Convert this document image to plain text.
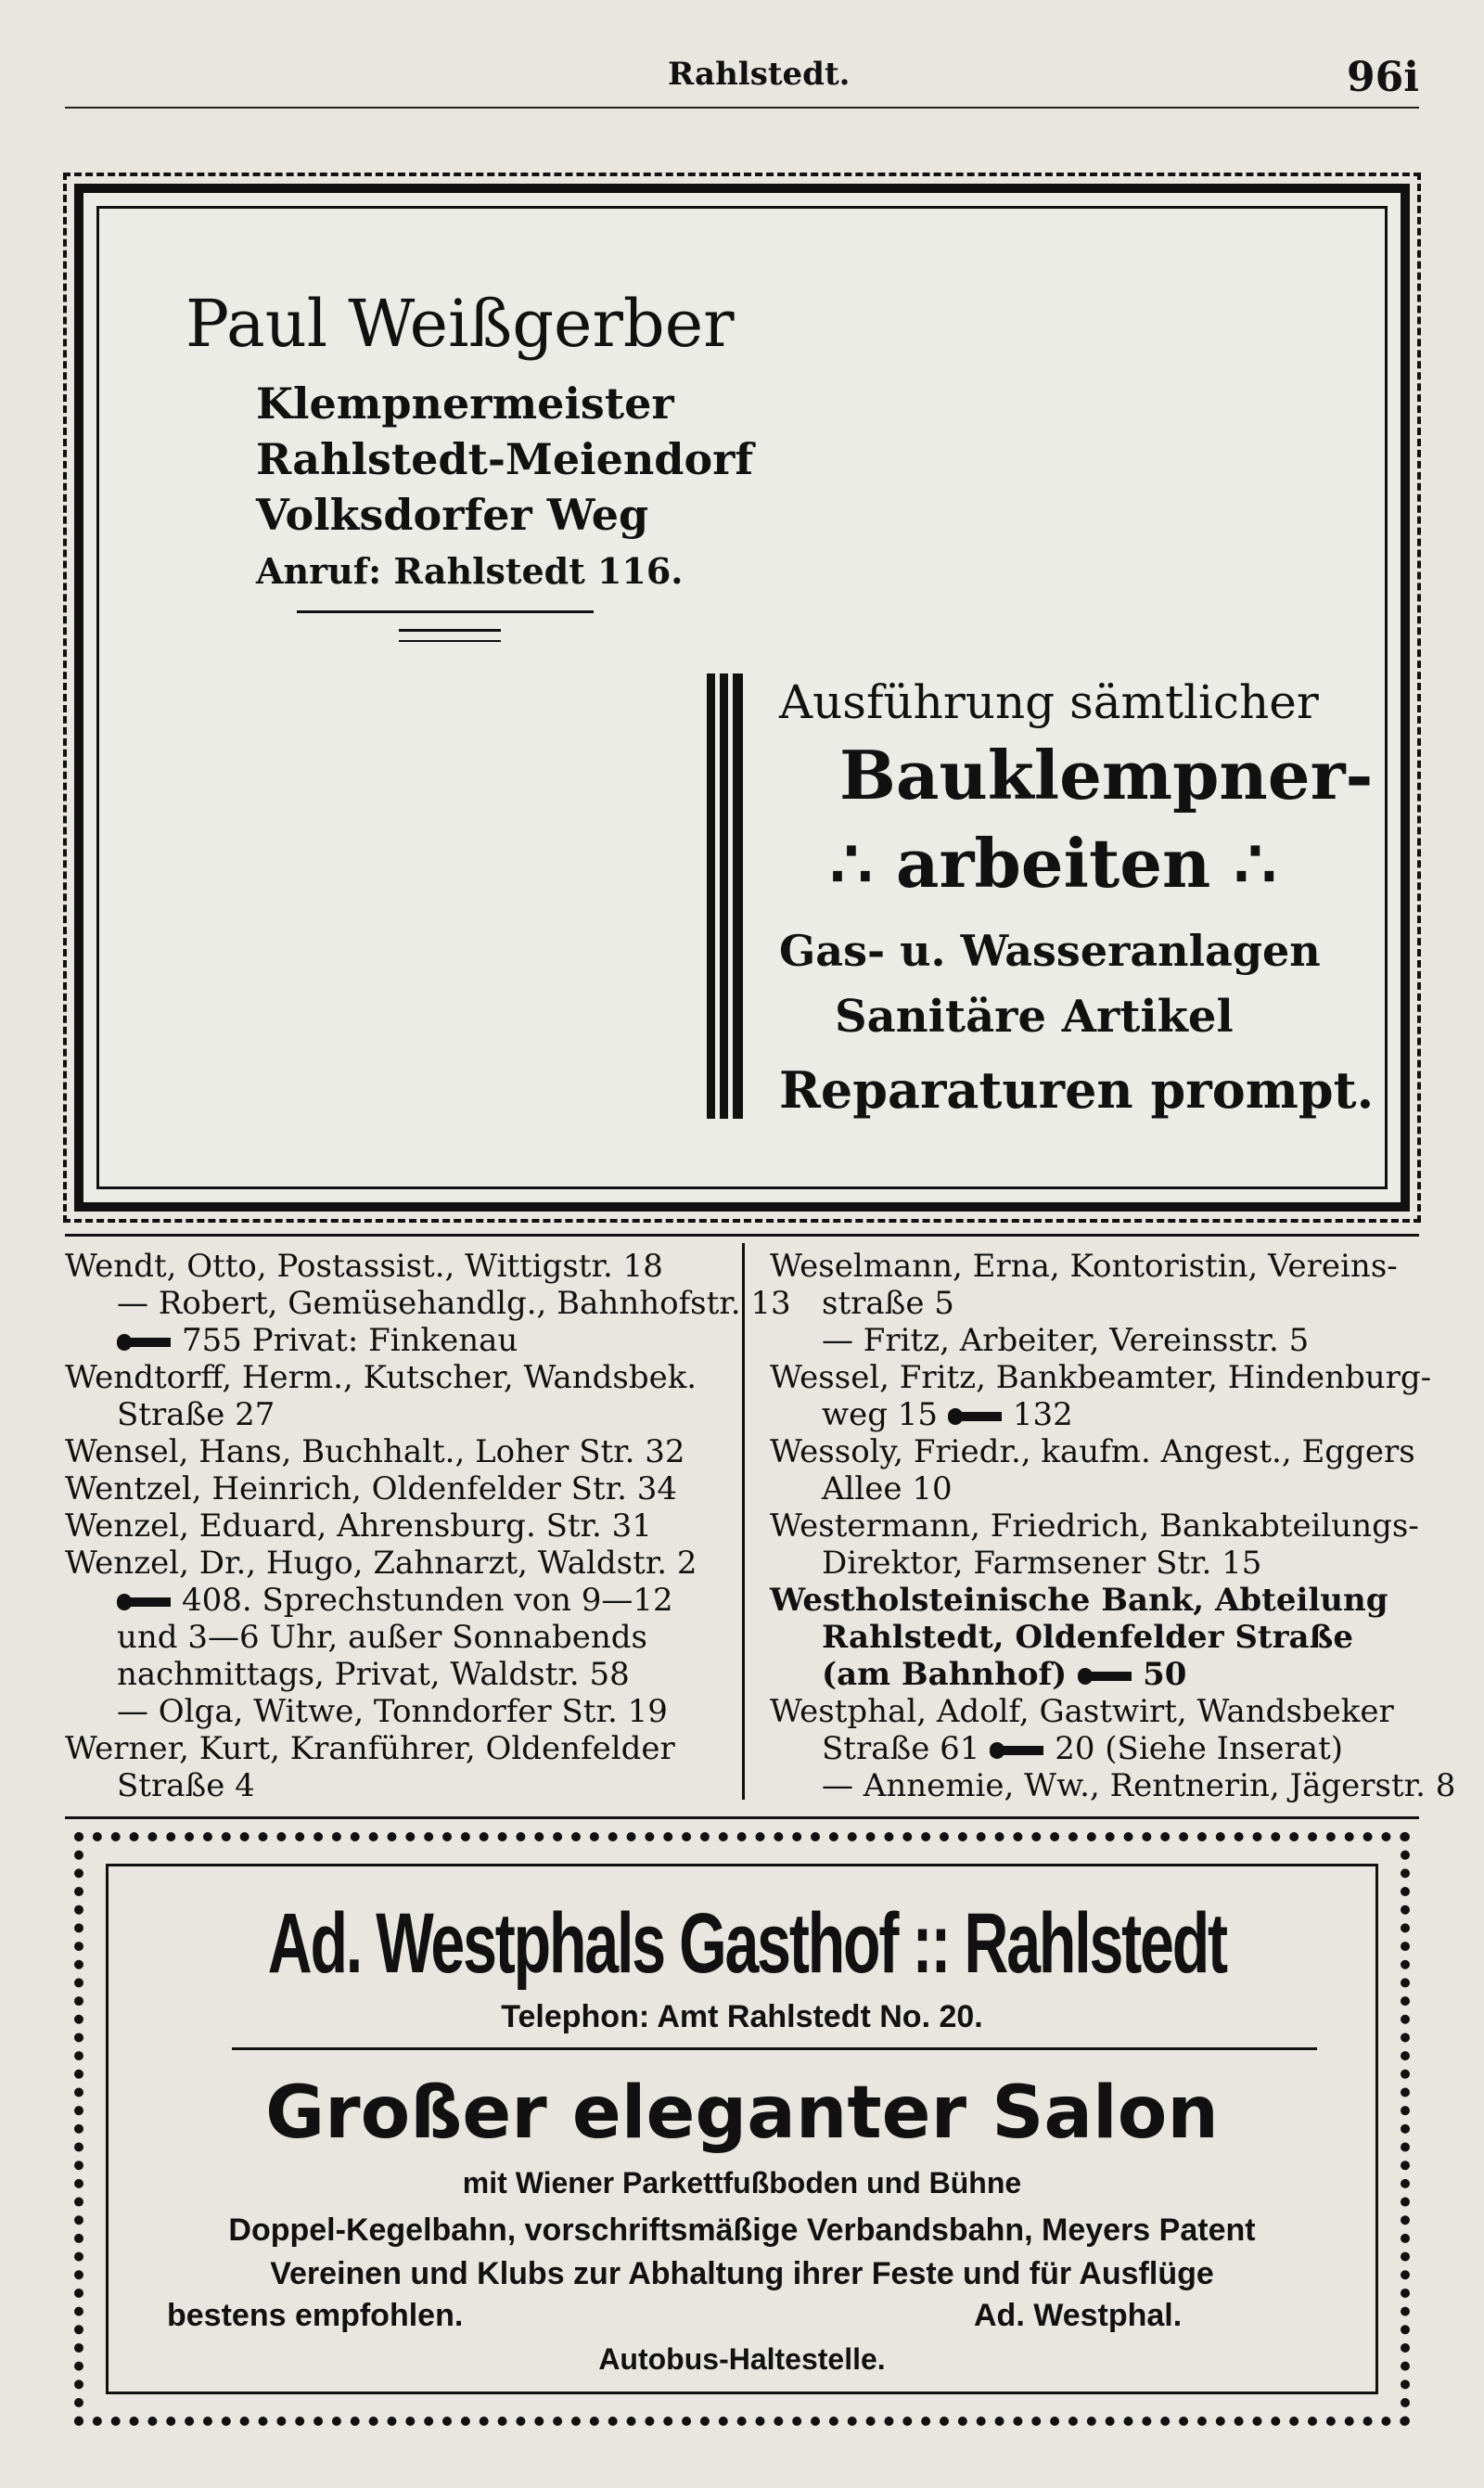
Rahlstedt.	96i
Paul Weißgerber
Klempnermeister
Rahlstedt-Meiendorf
Volksdorfer Weg
Anruf: Rahlstedt 116.
Ausführung sämtlicher
Bauklempner-
∴ arbeiten ∴
Gas- u. Wasseranlagen
Sanitäre Artikel
Reparaturen prompt.
Wendt, Otto, Postassist., Wittigstr. 18
— Robert, Gemüsehandlg., Bahnhofstr. 13
755 Privat: Finkenau
Wendtorff, Herm., Kutscher, Wandsbek.
Straße 27
Wensel, Hans, Buchhalt., Loher Str. 32
Wentzel, Heinrich, Oldenfelder Str. 34
Wenzel, Eduard, Ahrensburg. Str. 31
Wenzel, Dr., Hugo, Zahnarzt, Waldstr. 2
408. Sprechstunden von 9—12
und 3—6 Uhr, außer Sonnabends
nachmittags, Privat, Waldstr. 58
— Olga, Witwe, Tonndorfer Str. 19
Werner, Kurt, Kranführer, Oldenfelder
Straße 4
Weselmann, Erna, Kontoristin, Vereins-
straße 5
— Fritz, Arbeiter, Vereinsstr. 5
Wessel, Fritz, Bankbeamter, Hindenburg-
weg 15 132
Wessoly, Friedr., kaufm. Angest., Eggers
Allee 10
Westermann, Friedrich, Bankabteilungs-
Direktor, Farmsener Str. 15
Westholsteinische Bank, Abteilung
Rahlstedt, Oldenfelder Straße
(am Bahnhof) 50
Westphal, Adolf, Gastwirt, Wandsbeker
Straße 61 20 (Siehe Inserat)
— Annemie, Ww., Rentnerin, Jägerstr. 8
Ad. Westphals Gasthof :: Rahlstedt
Telephon: Amt Rahlstedt No. 20.
Großer eleganter Salon
mit Wiener Parkettfußboden und Bühne
Doppel-Kegelbahn, vorschriftsmäßige Verbandsbahn, Meyers Patent
Vereinen und Klubs zur Abhaltung ihrer Feste und für Ausflüge
bestens empfohlen.	Ad. Westphal.
Autobus-Haltestelle.
